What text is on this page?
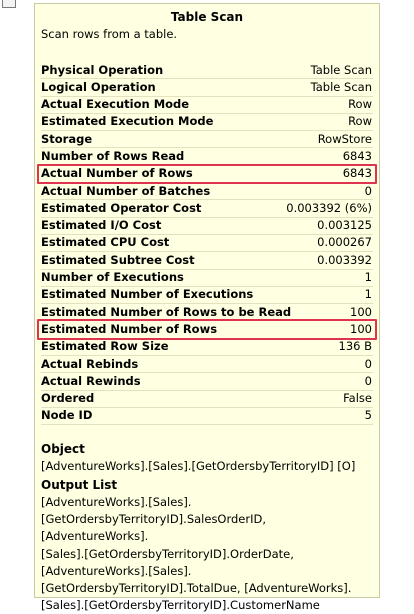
Table Scan
Scan rows from a table.
Physical Operation	Table Scan
Logical Operation	Table Scan
Actual Execution Mode	Row
Estimated Execution Mode	Row
Storage	RowStore
Number of Rows Read	6843
Actual Number of Rows	6843
Actual Number of Batches	0
Estimated Operator Cost	0.003392 (6%)
Estimated I/O Cost	0.003125
Estimated CPU Cost	0.000267
Estimated Subtree Cost	0.003392
Number of Executions	1
Estimated Number of Executions	1
Estimated Number of Rows to be Read	100
Estimated Number of Rows	100
Estimated Row Size	136 B
Actual Rebinds	0
Actual Rewinds	0
Ordered	False
Node ID	5
Object
[AdventureWorks].[Sales].[GetOrdersbyTerritoryID] [O]
Output List
[AdventureWorks].[Sales].
[GetOrdersbyTerritoryID].SalesOrderID, [AdventureWorks].
[Sales].[GetOrdersbyTerritoryID].OrderDate,
[AdventureWorks].[Sales].
[GetOrdersbyTerritoryID].TotalDue, [AdventureWorks].
[Sales].[GetOrdersbyTerritoryID].CustomerName
